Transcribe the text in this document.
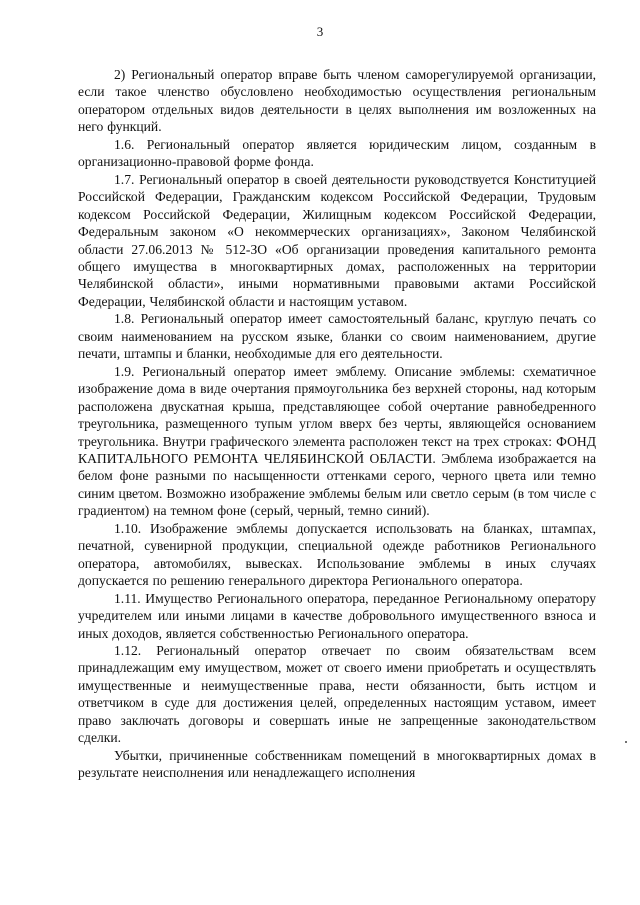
3

2) Региональный оператор вправе быть членом саморегулируемой организации, если такое членство обусловлено необходимостью осуществления региональным оператором отдельных видов деятельности в целях выполнения им возложенных на него функций.

1.6. Региональный оператор является юридическим лицом, созданным в организационно-правовой форме фонда.

1.7. Региональный оператор в своей деятельности руководствуется Конституцией Российской Федерации, Гражданским кодексом Российской Федерации, Трудовым кодексом Российской Федерации, Жилищным кодексом Российской Федерации, Федеральным законом «О некоммерческих организациях», Законом Челябинской области 27.06.2013 № 512-ЗО «Об организации проведения капитального ремонта общего имущества в многоквартирных домах, расположенных на территории Челябинской области», иными нормативными правовыми актами Российской Федерации, Челябинской области и настоящим уставом.

1.8. Региональный оператор имеет самостоятельный баланс, круглую печать со своим наименованием на русском языке, бланки со своим наименованием, другие печати, штампы и бланки, необходимые для его деятельности.

1.9. Региональный оператор имеет эмблему. Описание эмблемы: схематичное изображение дома в виде очертания прямоугольника без верхней стороны, над которым расположена двускатная крыша, представляющее собой очертание равнобедренного треугольника, размещенного тупым углом вверх без черты, являющейся основанием треугольника. Внутри графического элемента расположен текст на трех строках: ФОНД КАПИТАЛЬНОГО РЕМОНТА ЧЕЛЯБИНСКОЙ ОБЛАСТИ. Эмблема изображается на белом фоне разными по насыщенности оттенками серого, черного цвета или темно синим цветом. Возможно изображение эмблемы белым или светло серым (в том числе с градиентом) на темном фоне (серый, черный, темно синий).

1.10. Изображение эмблемы допускается использовать на бланках, штампах, печатной, сувенирной продукции, специальной одежде работников Регионального оператора, автомобилях, вывесках. Использование эмблемы в иных случаях допускается по решению генерального директора Регионального оператора.

1.11. Имущество Регионального оператора, переданное Региональному оператору учредителем или иными лицами в качестве добровольного имущественного взноса и иных доходов, является собственностью Регионального оператора.

1.12. Региональный оператор отвечает по своим обязательствам всем принадлежащим ему имуществом, может от своего имени приобретать и осуществлять имущественные и неимущественные права, нести обязанности, быть истцом и ответчиком в суде для достижения целей, определенных настоящим уставом, имеет право заключать договоры и совершать иные не запрещенные законодательством сделки.

Убытки, причиненные собственникам помещений в многоквартирных домах в результате неисполнения или ненадлежащего исполнения
